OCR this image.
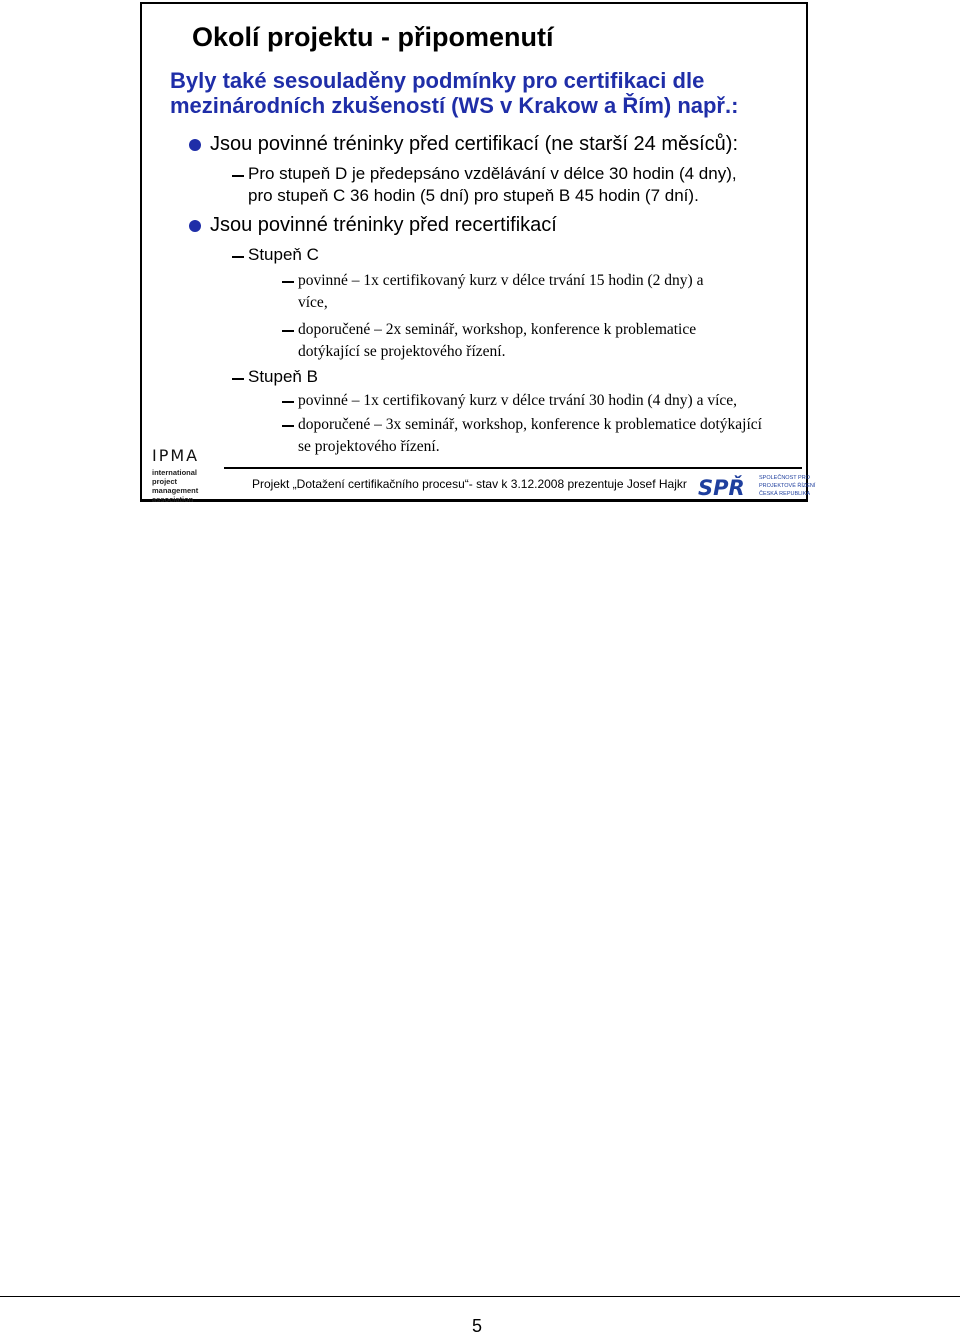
Okolí projektu - připomenutí

Byly také sesouladěny podmínky pro certifikaci dle mezinárodních zkušeností (WS v Krakow a Řím) např.:

Jsou povinné tréninky před certifikací (ne starší 24 měsíců):
Pro stupeň D je předepsáno vzdělávání v délce 30 hodin (4 dny),
pro stupeň C 36 hodin (5 dní) pro stupeň B 45 hodin (7 dní).
Jsou povinné tréninky před recertifikací
Stupeň C
povinné – 1x certifikovaný kurz v délce trvání 15 hodin (2 dny) a
více,
doporučené – 2x seminář, workshop, konference k problematice
dotýkající se projektového řízení.
Stupeň B
povinné – 1x certifikovaný kurz v délce trvání 30 hodin (4 dny) a více,
doporučené – 3x seminář, workshop, konference k problematice dotýkající
se projektového řízení.
IPMA
international
project
management
association
Projekt „Dotažení certifikačního procesu“- stav k 3.12.2008 prezentuje Josef Hajkr SPŘ	SPOLEČNOST PRO
PROJEKTOVÉ ŘÍZENÍ
ČESKÁ REPUBLIKA
5
